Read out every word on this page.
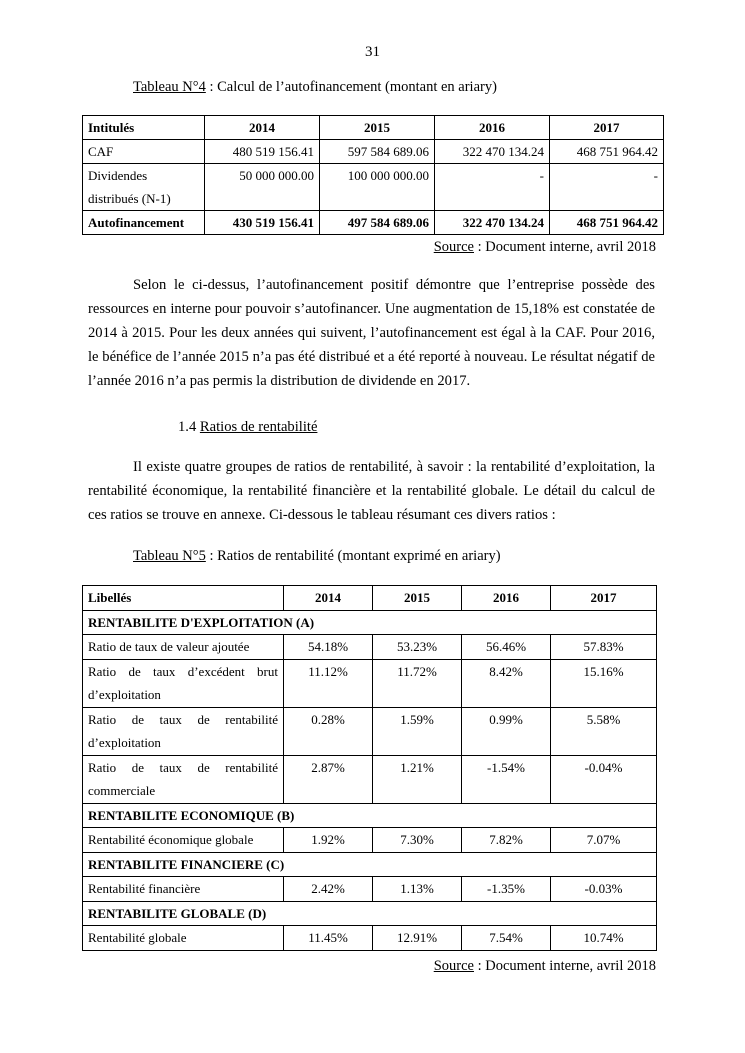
31
Tableau N°4 : Calcul de l’autofinancement (montant en ariary)
Intitulés	2014	2015	2016	2017
CAF	480 519 156.41	597 584 689.06	322 470 134.24	468 751 964.42
Dividendes distribués (N-1)	50 000 000.00	100 000 000.00	-	-
Autofinancement	430 519 156.41	497 584 689.06	322 470 134.24	468 751 964.42
Source : Document interne, avril 2018

Selon le ci-dessus, l’autofinancement positif démontre que l’entreprise possède des ressources en interne pour pouvoir s’autofinancer. Une augmentation de 15,18% est constatée de 2014 à 2015. Pour les deux années qui suivent, l’autofinancement est égal à la CAF. Pour 2016, le bénéfice de l’année 2015 n’a pas été distribué et a été reporté à nouveau. Le résultat négatif de l’année 2016 n’a pas permis la distribution de dividende en 2017.

1.4 Ratios de rentabilité

Il existe quatre groupes de ratios de rentabilité, à savoir : la rentabilité d’exploitation, la rentabilité économique, la rentabilité financière et la rentabilité globale. Le détail du calcul de ces ratios se trouve en annexe. Ci-dessous le tableau résumant ces divers ratios :

Tableau N°5 : Ratios de rentabilité (montant exprimé en ariary)
Libellés	2014	2015	2016	2017
RENTABILITE D'EXPLOITATION (A)				
Ratio de taux de valeur ajoutée	54.18%	53.23%	56.46%	57.83%
Ratio de taux d’excédent brut d’exploitation	11.12%	11.72%	8.42%	15.16%
Ratio de taux de rentabilité d’exploitation	0.28%	1.59%	0.99%	5.58%
Ratio de taux de rentabilité commerciale	2.87%	1.21%	-1.54%	-0.04%
RENTABILITE ECONOMIQUE (B)				
Rentabilité économique globale	1.92%	7.30%	7.82%	7.07%
RENTABILITE FINANCIERE (C)				
Rentabilité financière	2.42%	1.13%	-1.35%	-0.03%
RENTABILITE GLOBALE (D)				
Rentabilité globale	11.45%	12.91%	7.54%	10.74%
Source : Document interne, avril 2018
